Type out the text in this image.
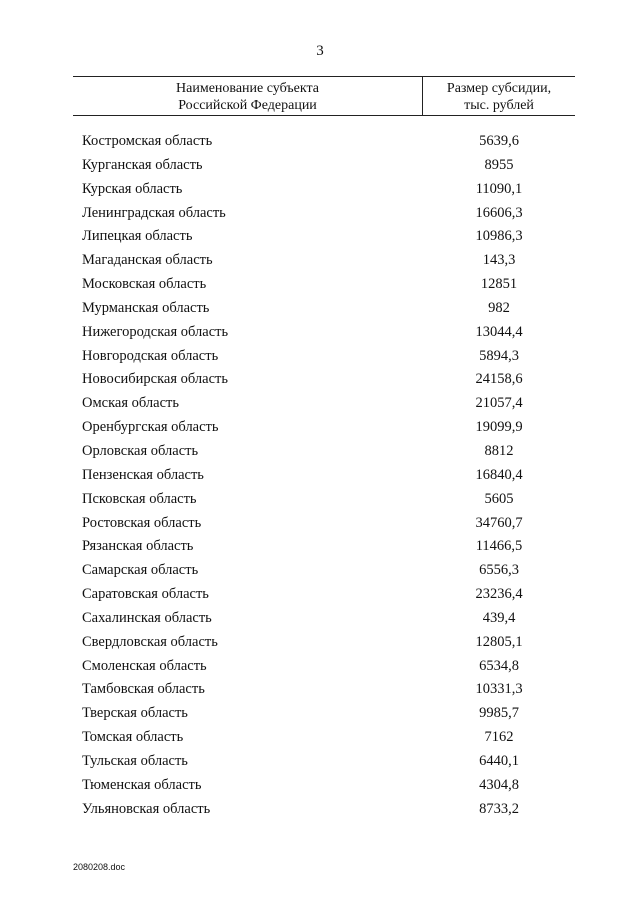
3
Наименование субъекта
Российской Федерации
Размер субсидии,
тыс. рублей
Костромская область	5639,6
Курганская область	8955
Курская область	11090,1
Ленинградская область	16606,3
Липецкая область	10986,3
Магаданская область	143,3
Московская область	12851
Мурманская область	982
Нижегородская область	13044,4
Новгородская область	5894,3
Новосибирская область	24158,6
Омская область	21057,4
Оренбургская область	19099,9
Орловская область	8812
Пензенская область	16840,4
Псковская область	5605
Ростовская область	34760,7
Рязанская область	11466,5
Самарская область	6556,3
Саратовская область	23236,4
Сахалинская область	439,4
Свердловская область	12805,1
Смоленская область	6534,8
Тамбовская область	10331,3
Тверская область	9985,7
Томская область	7162
Тульская область	6440,1
Тюменская область	4304,8
Ульяновская область	8733,2
2080208.doc
